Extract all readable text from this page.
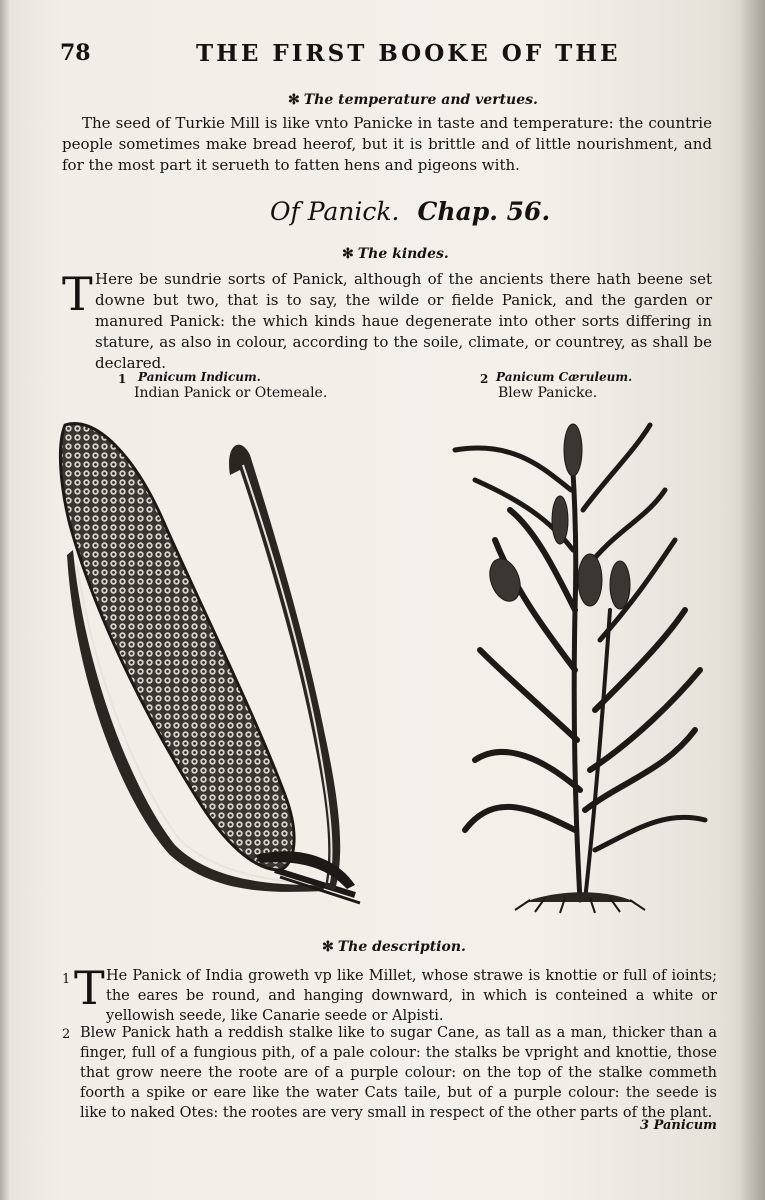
78	THE FIRST BOOKE OF THE
✻ The temperature and vertues.
The seed of Turkie Mill is like vnto Panicke in taste and temperature: the countrie people sometimes make bread heerof, but it is brittle and of little nourishment, and for the most part it serueth to fatten hens and pigeons with.
Of Panick. Chap. 56.
✻ The kindes.
T Here be sundrie sorts of Panick, although of the ancients there hath beene set downe but two, that is to say, the wilde or fielde Panick, and the garden or manured Panick: the which kinds haue degenerate into other sorts differing in stature, as also in colour, according to the soile, climate, or countrey, as shall be declared.
1 Panicum Indicum.
Indian Panick or Otemeale.
2 Panicum Cæruleum.
Blew Panicke.
✻ The description.
1 T He Panick of India groweth vp like Millet, whose strawe is knottie or full of ioints; the eares be round, and hanging downward, in which is conteined a white or yellowish seede, like Canarie seede or Alpisti.
2 Blew Panick hath a reddish stalke like to sugar Cane, as tall as a man, thicker than a finger, full of a fungious pith, of a pale colour: the stalks be vpright and knottie, those that grow neere the roote are of a purple colour: on the top of the stalke commeth foorth a spike or eare like the water Cats taile, but of a purple colour: the seede is like to naked Otes: the rootes are very small in respect of the other parts of the plant.
3 Panicum
